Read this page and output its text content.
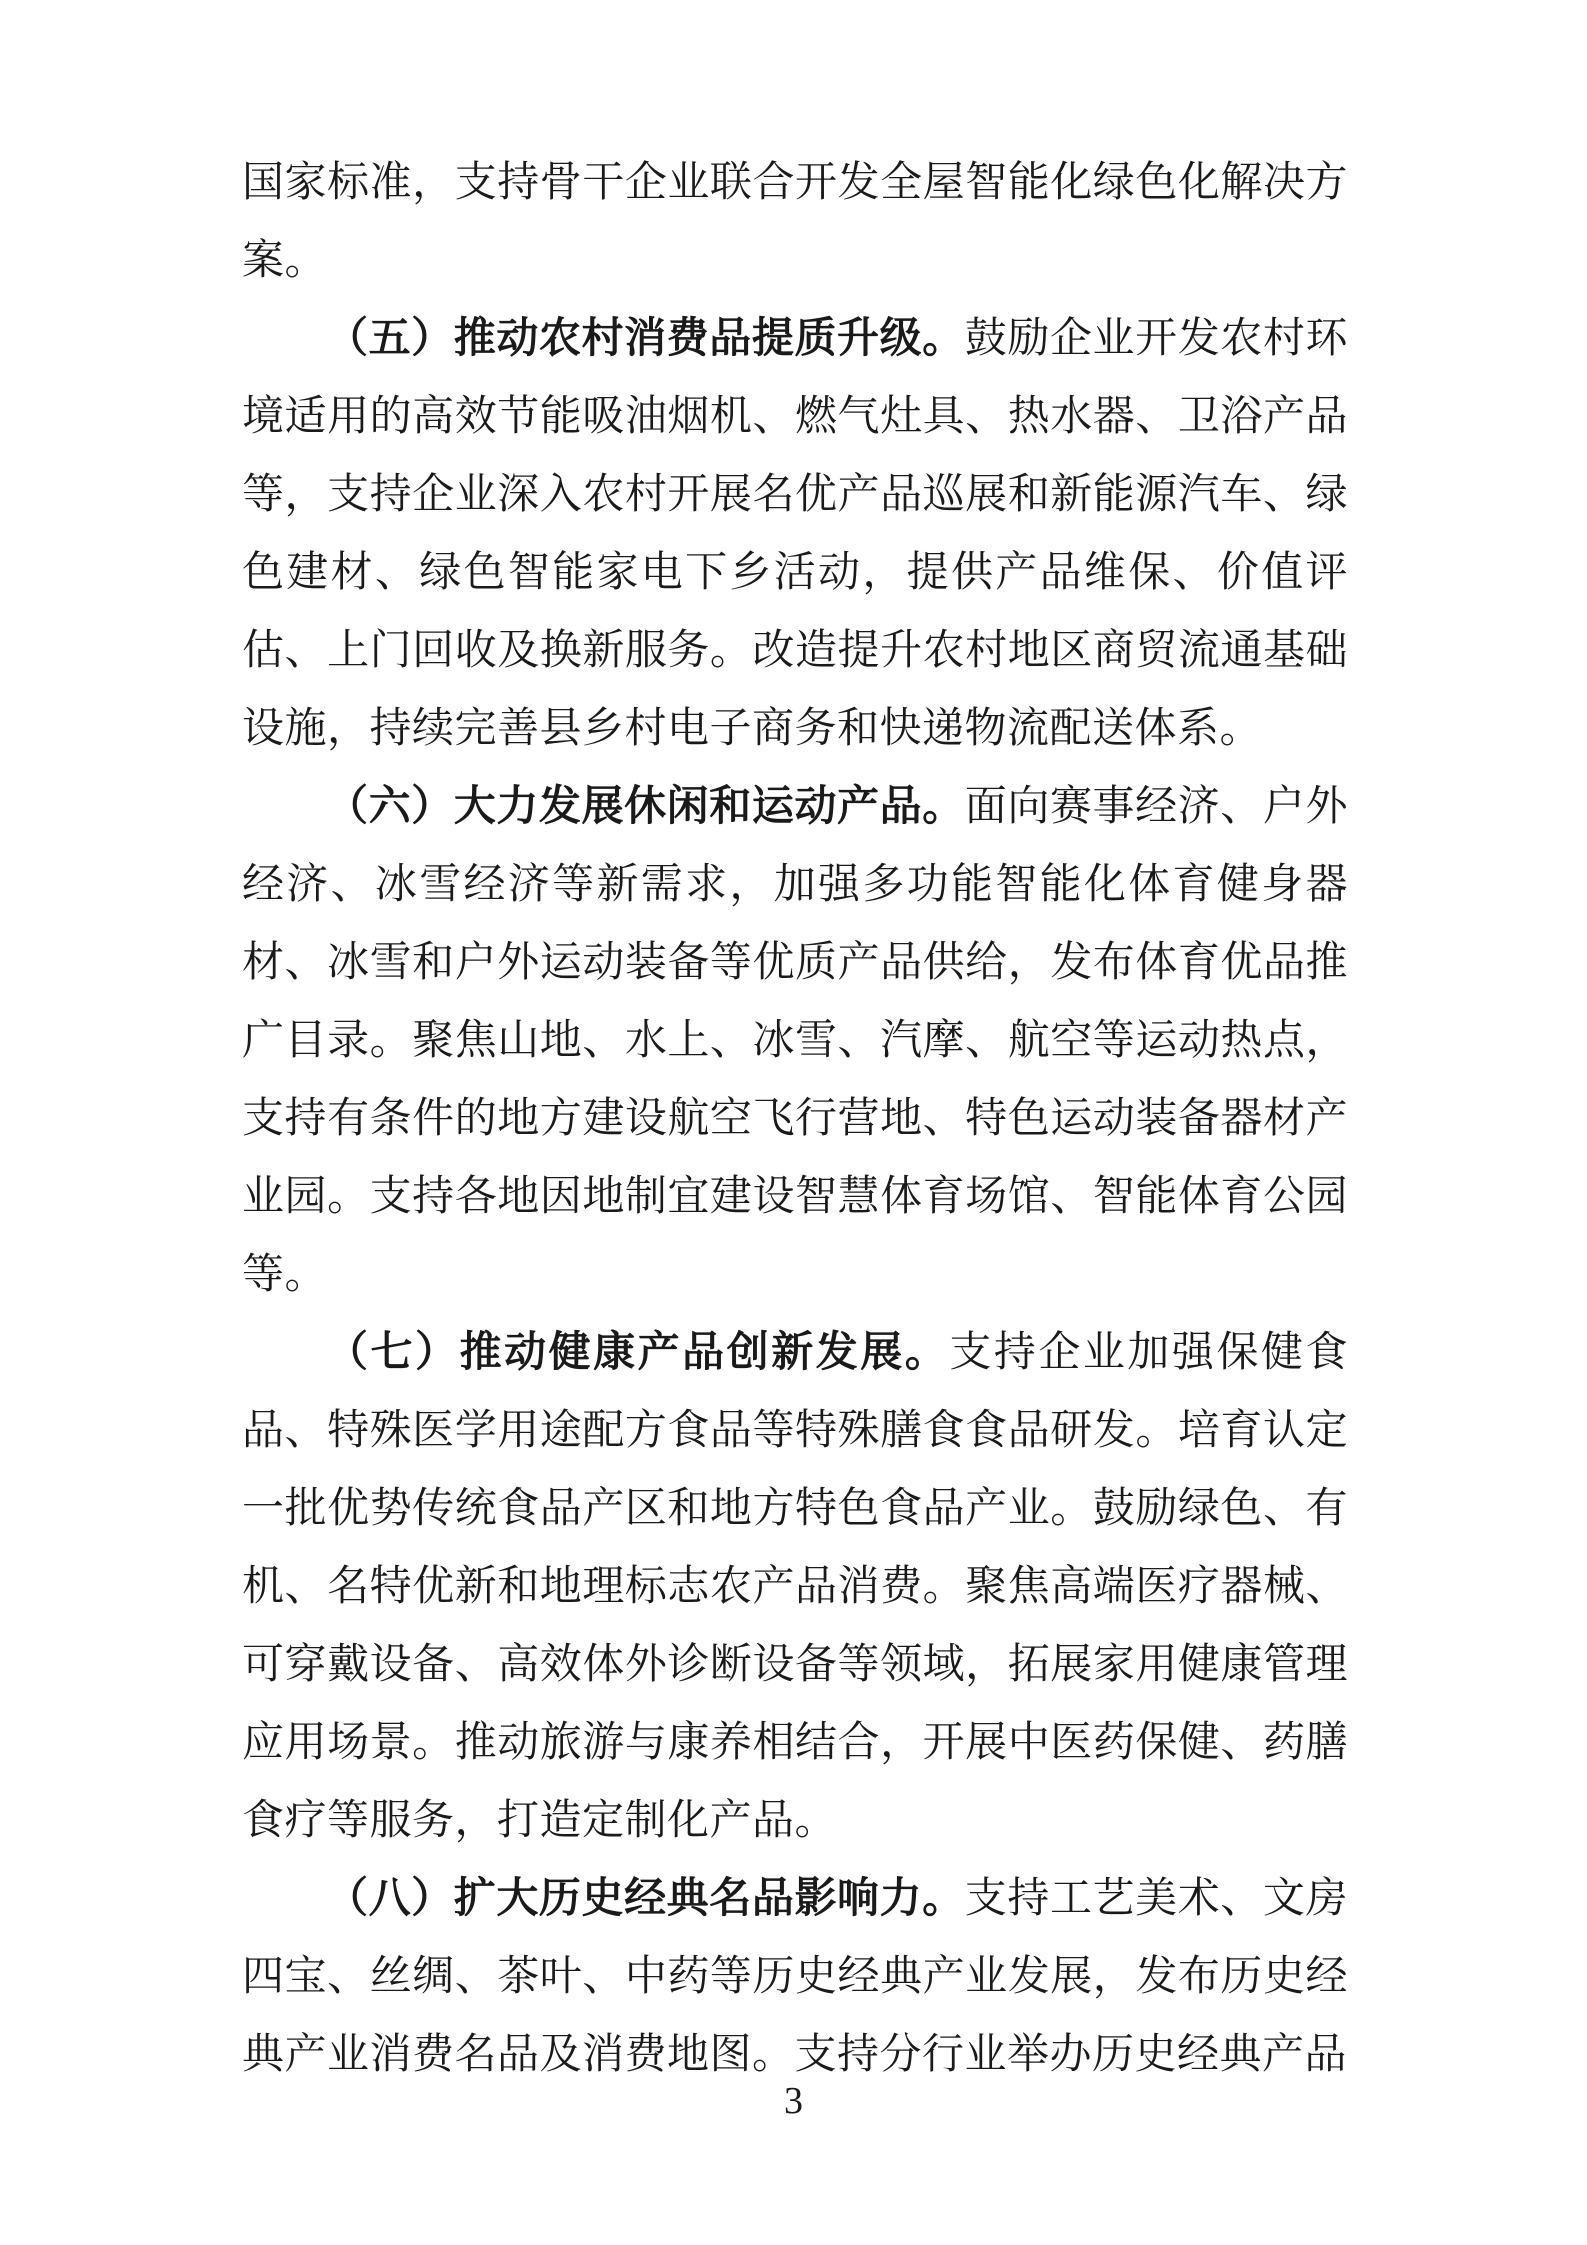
国家标准，支持骨干企业联合开发全屋智能化绿色化解决方案。

（五）推动农村消费品提质升级。鼓励企业开发农村环境适用的高效节能吸油烟机、燃气灶具、热水器、卫浴产品等，支持企业深入农村开展名优产品巡展和新能源汽车、绿色建材、绿色智能家电下乡活动，提供产品维保、价值评估、上门回收及换新服务。改造提升农村地区商贸流通基础设施，持续完善县乡村电子商务和快递物流配送体系。

（六）大力发展休闲和运动产品。面向赛事经济、户外经济、冰雪经济等新需求，加强多功能智能化体育健身器材、冰雪和户外运动装备等优质产品供给，发布体育优品推广目录。聚焦山地、水上、冰雪、汽摩、航空等运动热点，支持有条件的地方建设航空飞行营地、特色运动装备器材产业园。支持各地因地制宜建设智慧体育场馆、智能体育公园等。

（七）推动健康产品创新发展。支持企业加强保健食品、特殊医学用途配方食品等特殊膳食食品研发。培育认定一批优势传统食品产区和地方特色食品产业。鼓励绿色、有机、名特优新和地理标志农产品消费。聚焦高端医疗器械、可穿戴设备、高效体外诊断设备等领域，拓展家用健康管理应用场景。推动旅游与康养相结合，开展中医药保健、药膳食疗等服务，打造定制化产品。

（八）扩大历史经典名品影响力。支持工艺美术、文房四宝、丝绸、茶叶、中药等历史经典产业发展，发布历史经典产业消费名品及消费地图。支持分行业举办历史经典产品

3
